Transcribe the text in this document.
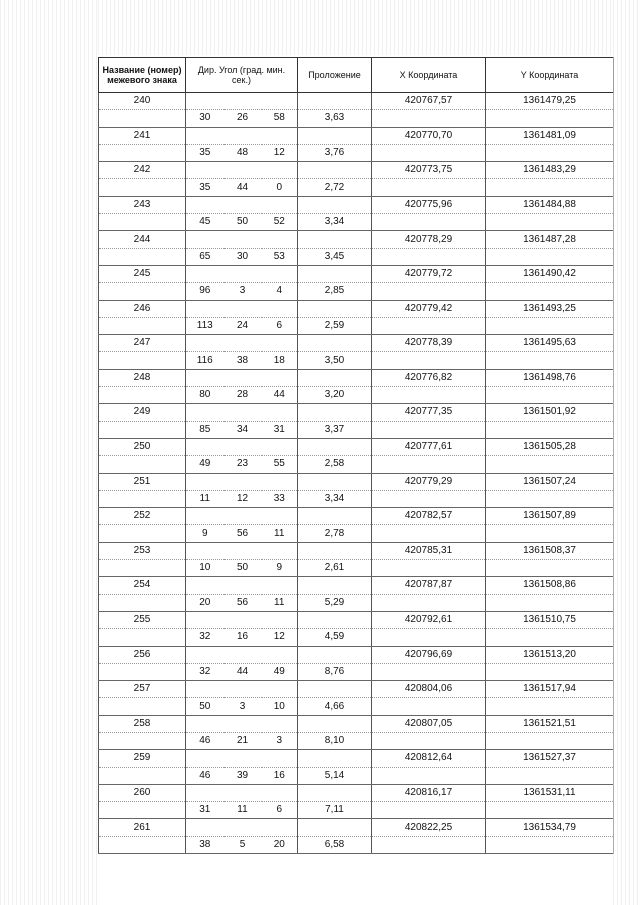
Название (номер) межевого знака	Дир. Угол (град. мин. сек.)			Проложение	X Координата	Y Координата
240					420767,57	1361479,25
	30	26	58	3,63		
241					420770,70	1361481,09
	35	48	12	3,76		
242					420773,75	1361483,29
	35	44	0	2,72		
243					420775,96	1361484,88
	45	50	52	3,34		
244					420778,29	1361487,28
	65	30	53	3,45		
245					420779,72	1361490,42
	96	3	4	2,85		
246					420779,42	1361493,25
	113	24	6	2,59		
247					420778,39	1361495,63
	116	38	18	3,50		
248					420776,82	1361498,76
	80	28	44	3,20		
249					420777,35	1361501,92
	85	34	31	3,37		
250					420777,61	1361505,28
	49	23	55	2,58		
251					420779,29	1361507,24
	11	12	33	3,34		
252					420782,57	1361507,89
	9	56	11	2,78		
253					420785,31	1361508,37
	10	50	9	2,61		
254					420787,87	1361508,86
	20	56	11	5,29		
255					420792,61	1361510,75
	32	16	12	4,59		
256					420796,69	1361513,20
	32	44	49	8,76		
257					420804,06	1361517,94
	50	3	10	4,66		
258					420807,05	1361521,51
	46	21	3	8,10		
259					420812,64	1361527,37
	46	39	16	5,14		
260					420816,17	1361531,11
	31	11	6	7,11		
261					420822,25	1361534,79
	38	5	20	6,58		
